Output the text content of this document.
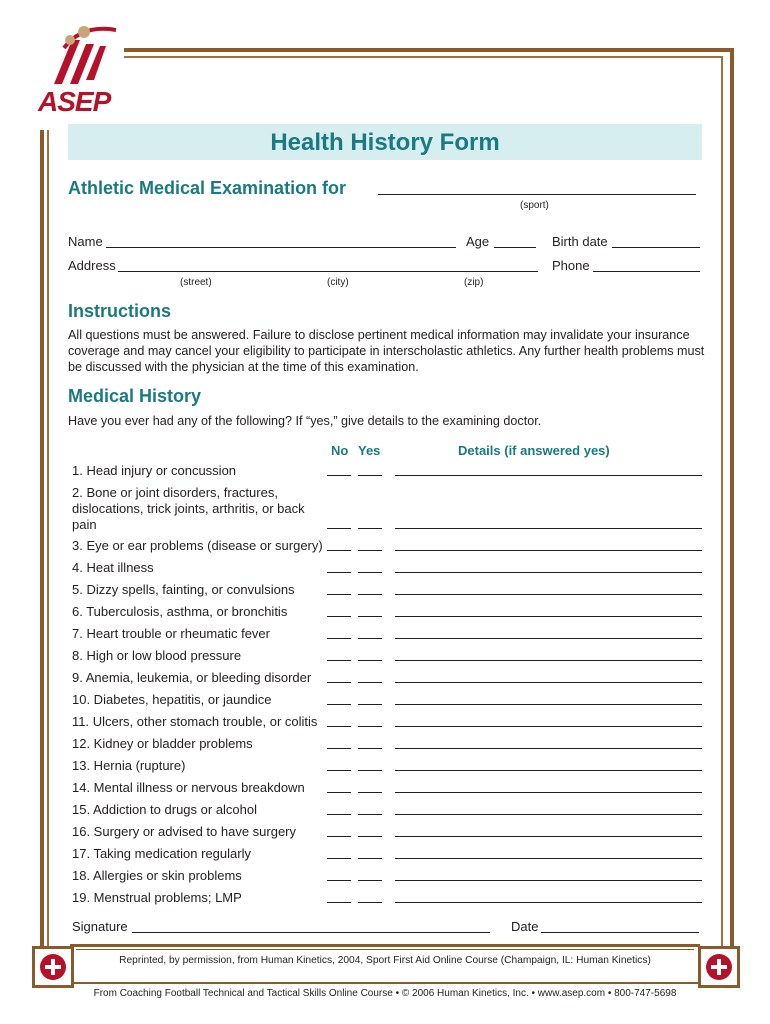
ASEP
Health History Form
Athletic Medical Examination for
(sport)
Name	Age	Birth date
Address	Phone
(street)	(city)	(zip)
Instructions
All questions must be answered. Failure to disclose pertinent medical information may invalidate your insurance coverage and may cancel your eligibility to participate in interscholastic athletics. Any further health problems must be discussed with the physician at the time of this examination.
Medical History
Have you ever had any of the following? If “yes,” give details to the examining doctor.
No Yes	Details (if answered yes)
1. Head injury or concussion
2. Bone or joint disorders, fractures, dislocations, trick joints, arthritis, or back pain
3. Eye or ear problems (disease or surgery)
4. Heat illness
5. Dizzy spells, fainting, or convulsions
6. Tuberculosis, asthma, or bronchitis
7. Heart trouble or rheumatic fever
8. High or low blood pressure
9. Anemia, leukemia, or bleeding disorder
10. Diabetes, hepatitis, or jaundice
11. Ulcers, other stomach trouble, or colitis
12. Kidney or bladder problems
13. Hernia (rupture)
14. Mental illness or nervous breakdown
15. Addiction to drugs or alcohol
16. Surgery or advised to have surgery
17. Taking medication regularly
18. Allergies or skin problems
19. Menstrual problems; LMP
Signature	Date
Reprinted, by permission, from Human Kinetics, 2004, Sport First Aid Online Course (Champaign, IL: Human Kinetics)
From Coaching Football Technical and Tactical Skills Online Course • © 2006 Human Kinetics, Inc. • www.asep.com • 800-747-5698
